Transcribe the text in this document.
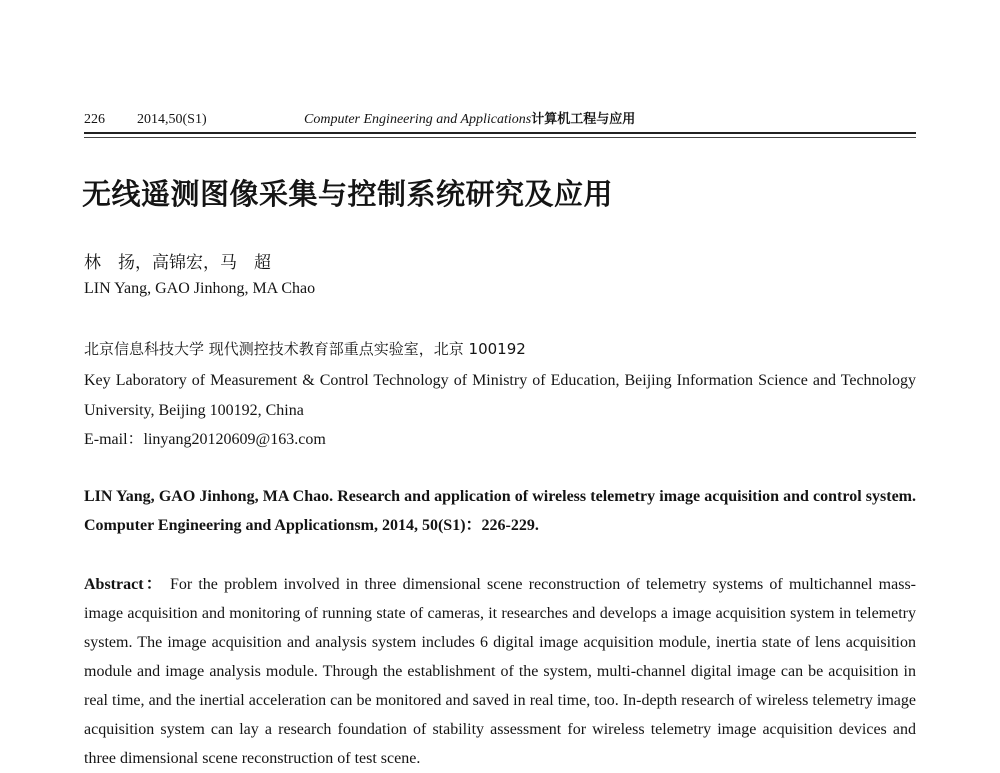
226 2014,50(S1)	Computer Engineering and Applications计算机工程与应用
无线遥测图像采集与控制系统研究及应用
林　扬，高锦宏，马　超
LIN Yang, GAO Jinhong, MA Chao
北京信息科技大学 现代测控技术教育部重点实验室，北京 100192
Key Laboratory of Measurement & Control Technology of Ministry of Education, Beijing Information Science and Technology University, Beijing 100192, China
E-mail：linyang20120609@163.com
LIN Yang, GAO Jinhong, MA Chao. Research and application of wireless telemetry image acquisition and control system. Computer Engineering and Applicationsm, 2014, 50(S1)：226-229.
Abstract： For the problem involved in three dimensional scene reconstruction of telemetry systems of multichannel mass-image acquisition and monitoring of running state of cameras, it researches and develops a image acquisition system in telemetry system. The image acquisition and analysis system includes 6 digital image acquisition module, inertia state of lens acquisition module and image analysis module. Through the establishment of the system, multi-channel digital image can be acquisition in real time, and the inertial acceleration can be monitored and saved in real time, too. In-depth research of wireless telemetry image acquisition system can lay a research foundation of stability assessment for wireless telemetry image acquisition devices and three dimensional scene reconstruction of test scene.
